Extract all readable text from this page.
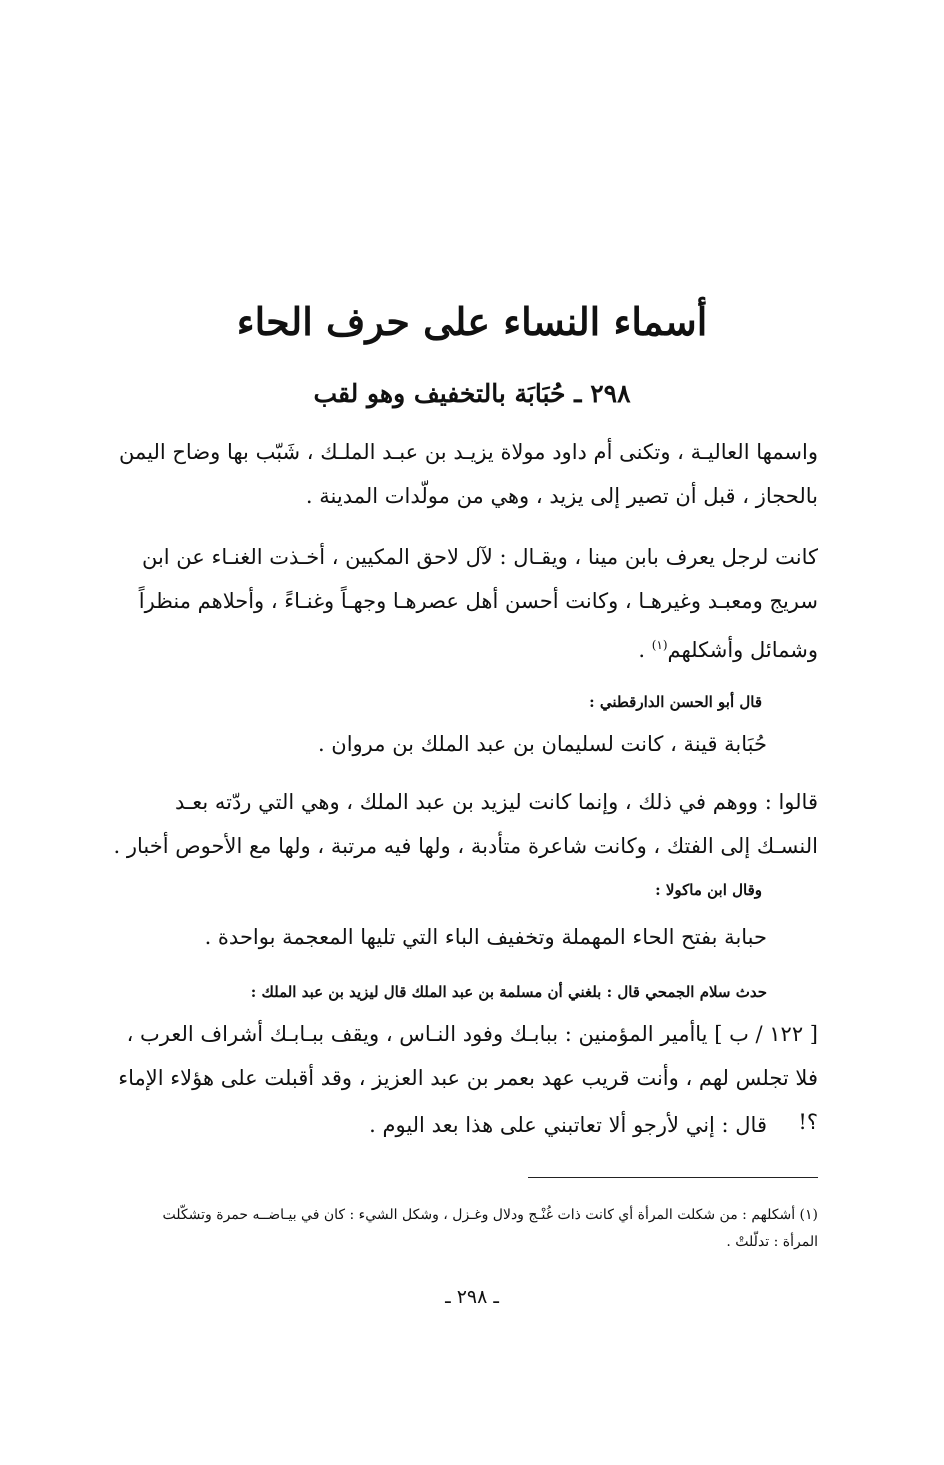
أسماء النساء على حرف الحاء
٢٩٨ ـ حُبَابَة بالتخفيف وهو لقب
واسمها العاليـة ، وتكنى أم داود مولاة يزيـد بن عبـد الملـك ، شَبّب بها وضاح اليمن بالحجاز ، قبل أن تصير إلى يزيد ، وهي من مولّدات المدينة .
كانت لرجل يعرف بابن مينا ، ويقـال : لآل لاحق المكيين ، أخـذت الغنـاء عن ابن سريج ومعبـد وغيرهـا ، وكانت أحسن أهل عصرهـا وجهـاً وغنـاءً ، وأحلاهم منظراً وشمائل وأشكلهم$^{(١)}$ .
قال أبو الحسن الدارقطني :
حُبَابة قينة ، كانت لسليمان بن عبد الملك بن مروان .
قالوا : ووهم في ذلك ، وإنما كانت ليزيد بن عبد الملك ، وهي التي ردّته بعـد النسـك إلى الفتك ، وكانت شاعرة متأدبة ، ولها فيه مرتبة ، ولها مع الأحوص أخبار .
وقال ابن ماكولا :
حبابة بفتح الحاء المهملة وتخفيف الباء التي تليها المعجمة بواحدة .
حدث سلام الجمحي قال : بلغني أن مسلمة بن عبد الملك قال ليزيد بن عبد الملك :
[ ١٢٢ / ب ] ياأمير المؤمنين : ببابـك وفود النـاس ، ويقف ببـابـك أشراف العرب ، فلا تجلس لهم ، وأنت قريب عهد بعمر بن عبد العزيز ، وقد أقبلت على هؤلاء الإماء ؟!
قال : إني لأرجو ألا تعاتبني على هذا بعد اليوم .
(١) أشكلهم : من شكلت المرأة أي كانت ذات غُنْـج ودلال وغـزل ، وشكل الشيء : كان في بيـاضــه حمرة وتشكّلت المرأة : تدلّلتْ .
ـ ٢٩٨ ـ
